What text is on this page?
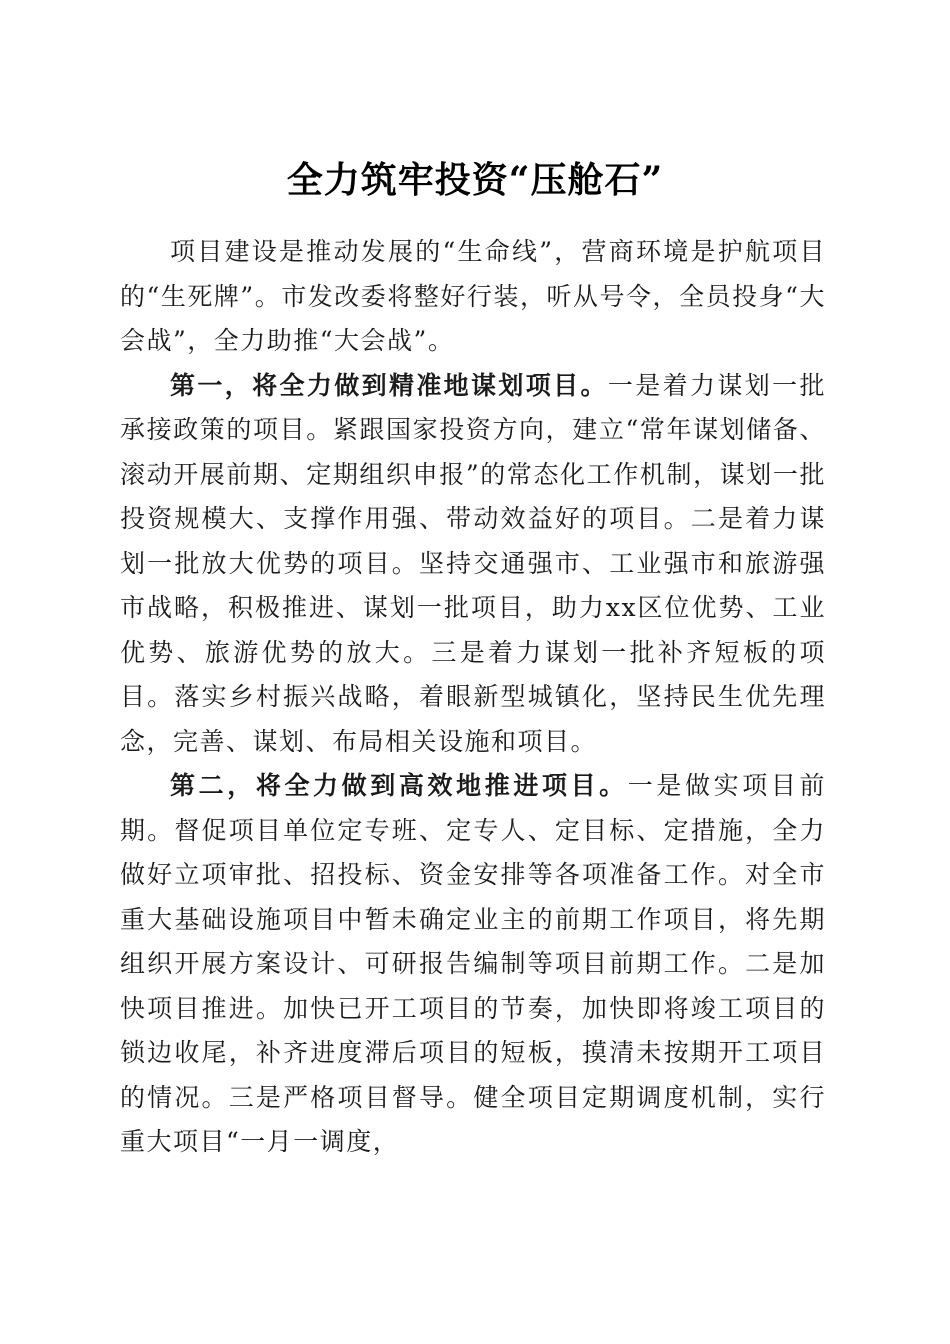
全力筑牢投资“压舱石”

项目建设是推动发展的“生命线”，营商环境是护航项目的“生死牌”。市发改委将整好行装，听从号令，全员投身“大会战”，全力助推“大会战”。

第一，将全力做到精准地谋划项目。一是着力谋划一批承接政策的项目。紧跟国家投资方向，建立“常年谋划储备、滚动开展前期、定期组织申报”的常态化工作机制，谋划一批投资规模大、支撑作用强、带动效益好的项目。二是着力谋划一批放大优势的项目。坚持交通强市、工业强市和旅游强市战略，积极推进、谋划一批项目，助力xx区位优势、工业优势、旅游优势的放大。三是着力谋划一批补齐短板的项目。落实乡村振兴战略，着眼新型城镇化，坚持民生优先理念，完善、谋划、布局相关设施和项目。

第二，将全力做到高效地推进项目。一是做实项目前期。督促项目单位定专班、定专人、定目标、定措施，全力做好立项审批、招投标、资金安排等各项准备工作。对全市重大基础设施项目中暂未确定业主的前期工作项目，将先期组织开展方案设计、可研报告编制等项目前期工作。二是加快项目推进。加快已开工项目的节奏，加快即将竣工项目的锁边收尾，补齐进度滞后项目的短板，摸清未按期开工项目的情况。三是严格项目督导。健全项目定期调度机制，实行重大项目“一月一调度，
